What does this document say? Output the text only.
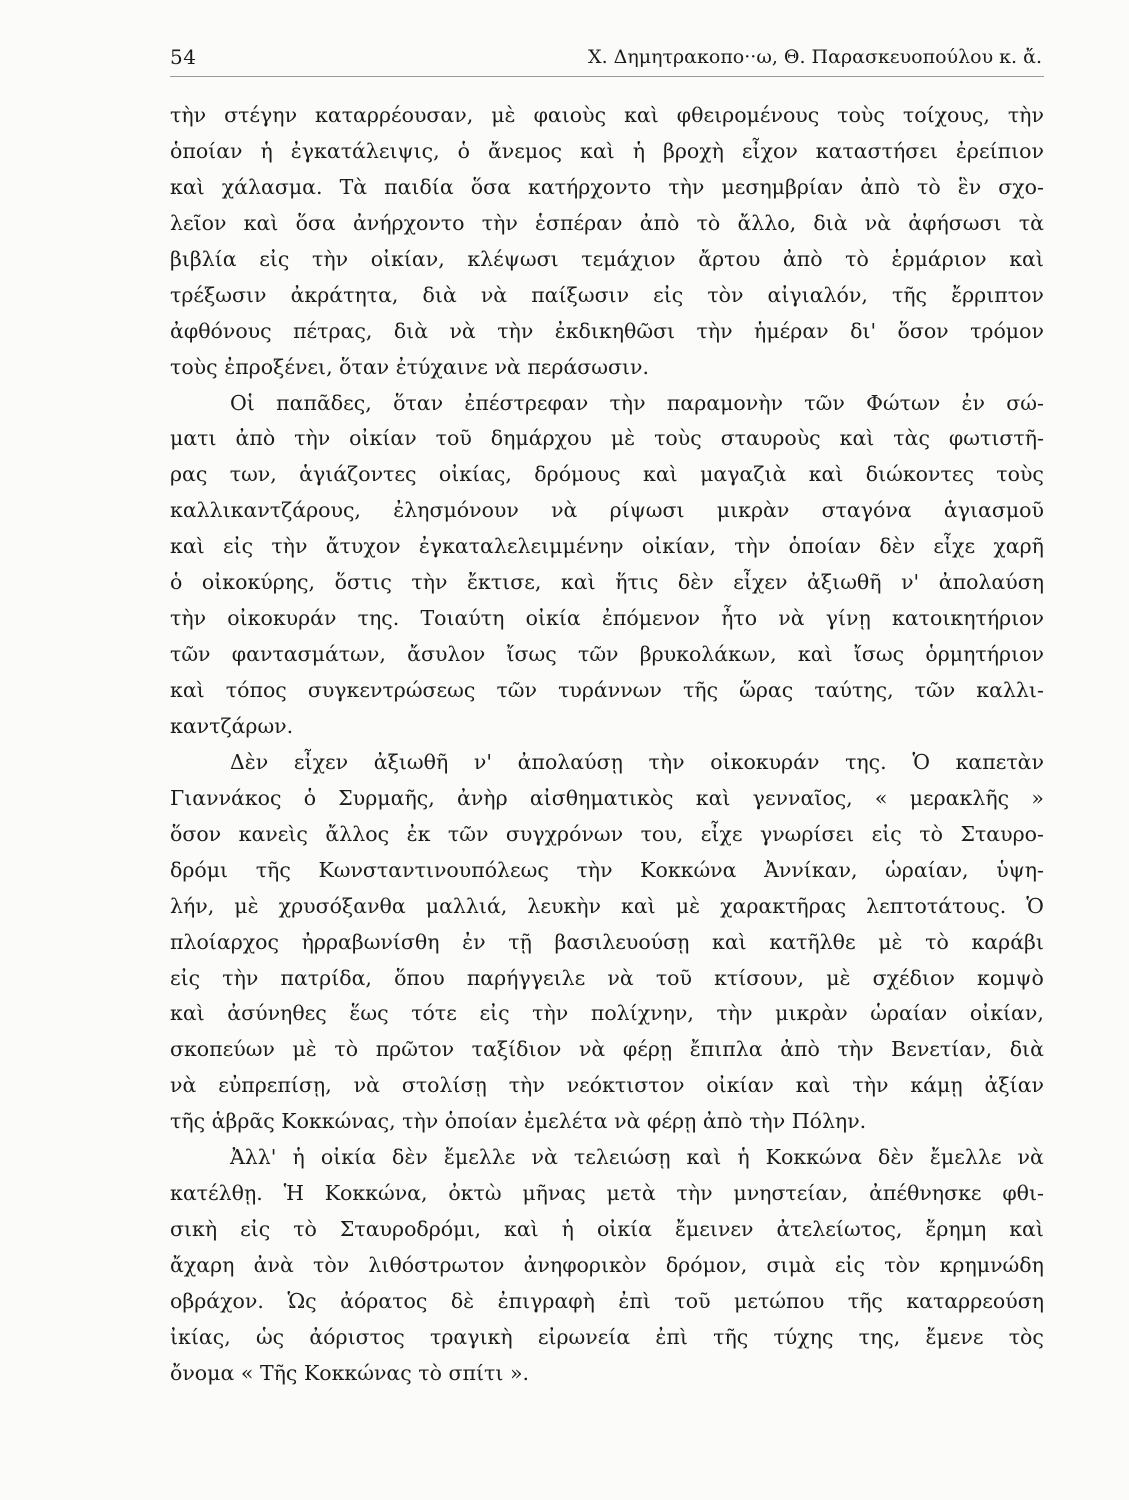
54	Χ. Δημητρακοπο··ω, Θ. Παρασκευοπούλου κ. ἄ.
τὴν στέγην καταρρέουσαν, μὲ φαιοὺς καὶ φθειρομένους τοὺς τοίχους, τὴν
ὁποίαν ἡ ἐγκατάλειψις, ὁ ἄνεμος καὶ ἡ βροχὴ εἶχον καταστήσει ἐρείπιον
καὶ χάλασμα. Τὰ παιδία ὅσα κατήρχοντο τὴν μεσημβρίαν ἀπὸ τὸ ἓν σχο-
λεῖον καὶ ὅσα ἀνήρχοντο τὴν ἑσπέραν ἀπὸ τὸ ἄλλο, διὰ νὰ ἀφήσωσι τὰ
βιβλία εἰς τὴν οἰκίαν, κλέψωσι τεμάχιον ἄρτου ἀπὸ τὸ ἑρμάριον καὶ
τρέξωσιν ἀκράτητα, διὰ νὰ παίξωσιν εἰς τὸν αἰγιαλόν, τῆς ἔρριπτον
ἀφθόνους πέτρας, διὰ νὰ τὴν ἐκδικηθῶσι τὴν ἡμέραν δι' ὅσον τρόμον
τοὺς ἐπροξένει, ὅταν ἐτύχαινε νὰ περάσωσιν.
Οἱ παπᾶδες, ὅταν ἐπέστρεφαν τὴν παραμονὴν τῶν Φώτων ἐν σώ-
ματι ἀπὸ τὴν οἰκίαν τοῦ δημάρχου μὲ τοὺς σταυροὺς καὶ τὰς φωτιστῆ-
ρας των, ἁγιάζοντες οἰκίας, δρόμους καὶ μαγαζιὰ καὶ διώκοντες τοὺς
καλλικαντζάρους, ἐλησμόνουν νὰ ρίψωσι μικρὰν σταγόνα ἁγιασμοῦ
καὶ εἰς τὴν ἄτυχον ἐγκαταλελειμμένην οἰκίαν, τὴν ὁποίαν δὲν εἶχε χαρῆ
ὁ οἰκοκύρης, ὅστις τὴν ἔκτισε, καὶ ἥτις δὲν εἶχεν ἀξιωθῆ ν' ἀπολαύση
τὴν οἰκοκυράν της. Τοιαύτη οἰκία ἐπόμενον ἦτο νὰ γίνῃ κατοικητήριον
τῶν φαντασμάτων, ἄσυλον ἴσως τῶν βρυκολάκων, καὶ ἴσως ὁρμητήριον
καὶ τόπος συγκεντρώσεως τῶν τυράννων τῆς ὥρας ταύτης, τῶν καλλι-
καντζάρων.
Δὲν εἶχεν ἀξιωθῆ ν' ἀπολαύσῃ τὴν οἰκοκυράν της. Ὁ καπετὰν
Γιαννάκος ὁ Συρμαῆς, ἀνὴρ αἰσθηματικὸς καὶ γενναῖος, « μερακλῆς »
ὅσον κανεὶς ἄλλος ἐκ τῶν συγχρόνων του, εἶχε γνωρίσει εἰς τὸ Σταυρο-
δρόμι τῆς Κωνσταντινουπόλεως τὴν Κοκκώνα Ἀννίκαν, ὡραίαν, ὑψη-
λήν, μὲ χρυσόξανθα μαλλιά, λευκὴν καὶ μὲ χαρακτῆρας λεπτοτάτους. Ὁ
πλοίαρχος ἠρραβωνίσθη ἐν τῇ βασιλευούσῃ καὶ κατῆλθε μὲ τὸ καράβι
εἰς τὴν πατρίδα, ὅπου παρήγγειλε νὰ τοῦ κτίσουν, μὲ σχέδιον κομψὸ
καὶ ἀσύνηθες ἕως τότε εἰς τὴν πολίχνην, τὴν μικρὰν ὡραίαν οἰκίαν,
σκοπεύων μὲ τὸ πρῶτον ταξίδιον νὰ φέρῃ ἔπιπλα ἀπὸ τὴν Βενετίαν, διὰ
νὰ εὐπρεπίσῃ, νὰ στολίσῃ τὴν νεόκτιστον οἰκίαν καὶ τὴν κάμῃ ἀξίαν
τῆς ἁβρᾶς Κοκκώνας, τὴν ὁποίαν ἐμελέτα νὰ φέρῃ ἀπὸ τὴν Πόλην.
Ἀλλ' ἡ οἰκία δὲν ἔμελλε νὰ τελειώσῃ καὶ ἡ Κοκκώνα δὲν ἔμελλε νὰ
κατέλθῃ. Ἡ Κοκκώνα, ὀκτὼ μῆνας μετὰ τὴν μνηστείαν, ἀπέθνησκε φθι-
σικὴ εἰς τὸ Σταυροδρόμι, καὶ ἡ οἰκία ἔμεινεν ἀτελείωτος, ἔρημη καὶ
ἄχαρη ἀνὰ τὸν λιθόστρωτον ἀνηφορικὸν δρόμον, σιμὰ εἰς τὸν κρημνώδη
οβράχον. Ὡς ἀόρατος δὲ ἐπιγραφὴ ἐπὶ τοῦ μετώπου τῆς καταρρεούση
ἰκίας, ὡς ἀόριστος τραγικὴ εἰρωνεία ἐπὶ τῆς τύχης της, ἔμενε τὸς
ὄνομα « Τῆς Κοκκώνας τὸ σπίτι ».
